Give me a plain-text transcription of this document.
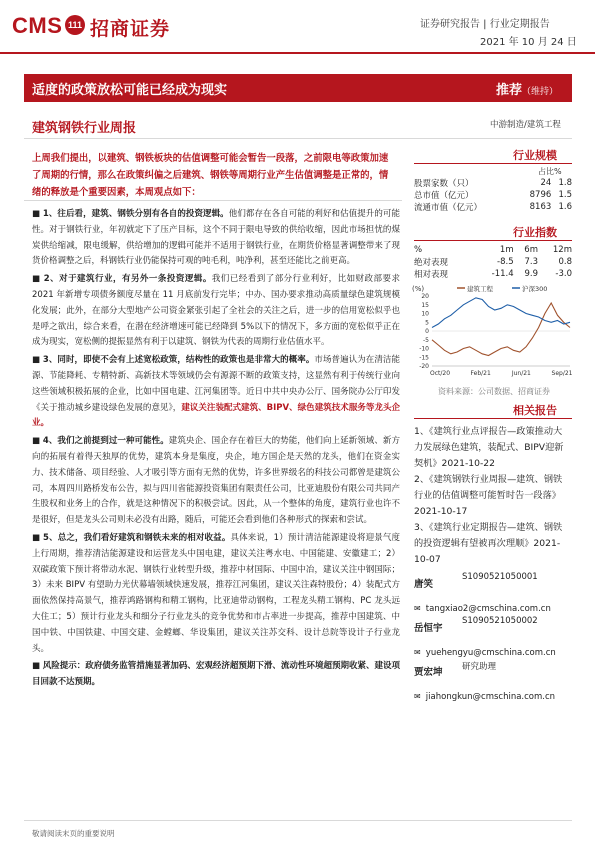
CMS 111 招商证券	证券研究报告 | 行业定期报告
2021 年 10 月 24 日
适度的政策放松可能已经成为现实	推荐（维持）
建筑钢铁行业周报	中游制造/建筑工程
上周我们提出，以建筑、钢铁板块的估值调整可能会暂告一段落，之前限电等政策加速了周期的行情，那么在政策纠偏之后建筑、钢铁等周期行业产生估值调整是正常的，情绪的释放是个重要因素，本周观点如下：

■ 1、往后看，建筑、钢铁分别有各自的投资逻辑。他们都存在各自可能的利好和估值提升的可能性。对于钢铁行业，年初就定下了压产目标，这个不同于限电导致的供给收缩，因此市场担忧的煤炭供给缩减，限电缓解，供给增加的逻辑可能并不适用于钢铁行业，在期货价格显著调整带来了现货价格调整之后，科钢铁行业仍能保持可观的吨毛利，吨净利，甚至还能比之前更高。

■ 2、对于建筑行业，有另外一条投资逻辑。我们已经看到了部分行业利好，比如财政部要求 2021 年新增专项债务额度尽量在 11 月底前发行完毕；中办、国办要求推动高质量绿色建筑规模化发展；此外，在部分大型地产公司资金紧张引起了全社会的关注之后，进一步的信用宽松似乎也是呼之欲出，综合来看，在潜在经济增速可能已经降到 5%以下的情况下，多方面的宽松似乎正在成为现实，宽松侧的提振显然有利于以建筑、钢铁为代表的周期行业估值水平。

■ 3、同时，即使不会有上述宽松政策，结构性的政策也是非常大的概率。市场普遍认为在清洁能源、节能降耗、专精特新、高新技术等领域仍会有源源不断的政策支持，这显然有利于传统行业向这些领域积极拓展的企业，比如中国电建、江河集团等。近日中共中央办公厅、国务院办公厅印发《关于推动城乡建设绿色发展的意见》，建议关注装配式建筑、BIPV、绿色建筑技术服务等龙头企业。

■ 4、我们之前提到过一种可能性。建筑央企、国企存在着巨大的势能，他们向上延新领域、新方向的拓展有着得天独厚的优势，建筑本身是集度，央企，地方国企是天然的龙头，他们在资金实力、技术储备、项目经验、人才吸引等方面有无然的优势，许多世界级名的科技公司都曾是建筑公司，本周四川路桥发布公告，拟与四川省能源投资集团有限责任公司，比亚迪股份有限公司共同产生股权和业务上的合作，就是这种情况下的积极尝试。因此，从一个整体的角度，建筑行业也许不是很好，但是龙头公司则未必没有出路，随后，可能还会看到他们各种形式的探索和尝试。

■ 5、总之，我们看好建筑和钢铁未来的相对收益。具体来说，1）预计清洁能源建设将迎景气度上行周期，推荐清洁能源建设和运营龙头中国电建，建议关注粤水电、中国能建、安徽建工；2）双碳政策下预计将带动水泥、钢铁行业转型升级，推荐中材国际、中国中冶，建议关注中钢国际；3）未来 BIPV 有望助力光伏幕墙领域快速发展，推荐江河集团，建议关注森特股份；4）装配式方面依然保持高景气，推荐鸿路钢构和精工钢构，比亚迪带动钢构，工程龙头精工钢构、PC 龙头远大住工；5）预计行业龙头和细分子行业龙头的竞争优势和市占率进一步提高，推荐中国建筑、中国中铁、中国铁建、中国交建、金螳螂、华设集团，建议关注苏交科、设计总院等设计子行业龙头。

■ 风险提示：政府债务监管措施显著加码、宏观经济超预期下滑、流动性环境超预期收紧、建设项目回款不达预期。

行业规模
占比%
股票家数（只）	24	1.8
总市值（亿元）	8796	1.5
流通市值（亿元）	8163	1.6
行业指数
%	1m	6m	12m
绝对表现	-8.5	7.3	0.8
相对表现	-11.4	9.9	-3.0
(%)	建筑工程	沪深300
20
15
10
5
0
-5
-10
-15
-20
Oct/20	Feb/21	Jun/21	Sep/21
资料来源：公司数据、招商证券
相关报告
1、《建筑行业点评报告—政策推动大力发展绿色建筑，装配式、BIPV迎新契机》2021-10-22
2、《建筑钢铁行业周报—建筑、钢铁行业的估值调整可能暂时告一段落》2021-10-17
3、《建筑行业定期报告—建筑、钢铁的投资逻辑有望被再次理顺》2021-10-07
唐笑
S1090521050001
✉ tangxiao2@cmschina.com.cn
岳恒宇
S1090521050002
✉ yuehengyu@cmschina.com.cn
贾宏坤 研究助理
✉ jiahongkun@cmschina.com.cn
敬请阅读末页的重要说明
